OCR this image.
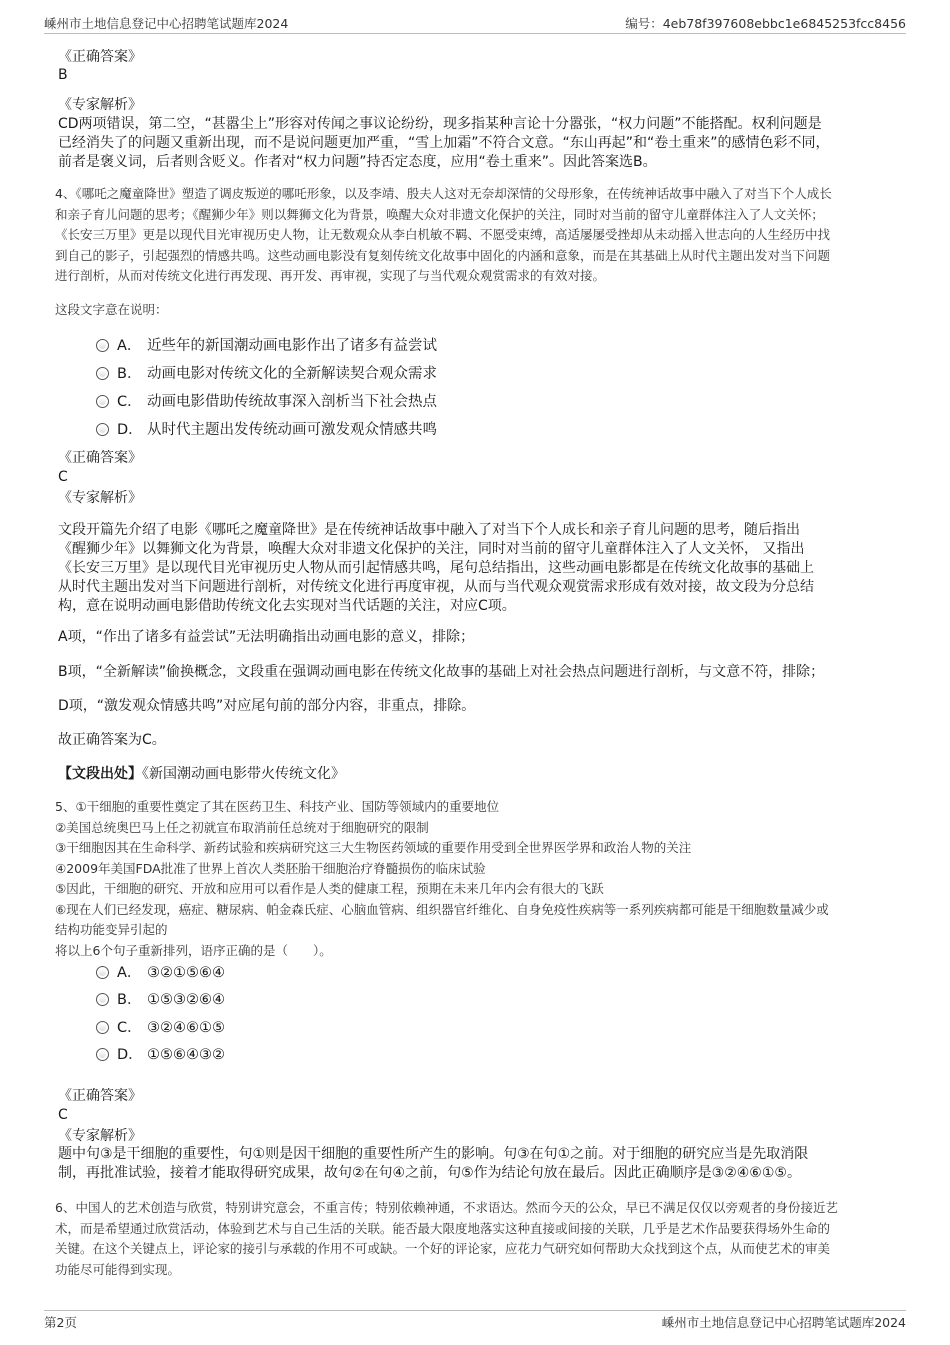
嵊州市土地信息登记中心招聘笔试题库2024	编号：4eb78f397608ebbc1e6845253fcc8456
《正确答案》
B
《专家解析》
CD两项错误，第二空，“甚嚣尘上”形容对传闻之事议论纷纷，现多指某种言论十分嚣张，“权力问题”不能搭配。权利问题是
已经消失了的问题又重新出现，而不是说问题更加严重，“雪上加霜”不符合文意。“东山再起”和“卷土重来”的感情色彩不同，
前者是褒义词，后者则含贬义。作者对“权力问题”持否定态度，应用“卷土重来”。因此答案选B。
4、《哪吒之魔童降世》塑造了调皮叛逆的哪吒形象，以及李靖、殷夫人这对无奈却深情的父母形象，在传统神话故事中融入了对当下个人成长
和亲子育儿问题的思考；《醒狮少年》则以舞狮文化为背景，唤醒大众对非遗文化保护的关注，同时对当前的留守儿童群体注入了人文关怀；
《长安三万里》更是以现代目光审视历史人物，让无数观众从李白机敏不羁、不愿受束缚，高适屡屡受挫却从未动摇入世志向的人生经历中找
到自己的影子，引起强烈的情感共鸣。这些动画电影没有复刻传统文化故事中固化的内涵和意象，而是在其基础上从时代主题出发对当下问题
进行剖析，从而对传统文化进行再发现、再开发、再审视，实现了与当代观众观赏需求的有效对接。
这段文字意在说明：
A． 近些年的新国潮动画电影作出了诸多有益尝试
B． 动画电影对传统文化的全新解读契合观众需求
C． 动画电影借助传统故事深入剖析当下社会热点
D． 从时代主题出发传统动画可激发观众情感共鸣
《正确答案》
C
《专家解析》
文段开篇先介绍了电影《哪吒之魔童降世》是在传统神话故事中融入了对当下个人成长和亲子育儿问题的思考，随后指出
《醒狮少年》以舞狮文化为背景，唤醒大众对非遗文化保护的关注，同时对当前的留守儿童群体注入了人文关怀， 又指出
《长安三万里》是以现代目光审视历史人物从而引起情感共鸣，尾句总结指出，这些动画电影都是在传统文化故事的基础上
从时代主题出发对当下问题进行剖析，对传统文化进行再度审视，从而与当代观众观赏需求形成有效对接，故文段为分总结
构，意在说明动画电影借助传统文化去实现对当代话题的关注，对应C项。
A项，“作出了诸多有益尝试”无法明确指出动画电影的意义，排除；
B项，“全新解读”偷换概念，文段重在强调动画电影在传统文化故事的基础上对社会热点问题进行剖析，与文意不符，排除；
D项，“激发观众情感共鸣”对应尾句前的部分内容，非重点，排除。
故正确答案为C。
【文段出处】《新国潮动画电影带火传统文化》
5、①干细胞的重要性奠定了其在医药卫生、科技产业、国防等领域内的重要地位
②美国总统奥巴马上任之初就宣布取消前任总统对于细胞研究的限制
③干细胞因其在生命科学、新药试验和疾病研究这三大生物医药领域的重要作用受到全世界医学界和政治人物的关注
④2009年美国FDA批准了世界上首次人类胚胎干细胞治疗脊髓损伤的临床试验
⑤因此，干细胞的研究、开放和应用可以看作是人类的健康工程，预期在未来几年内会有很大的飞跃
⑥现在人们已经发现，癌症、糖尿病、帕金森氏症、心脑血管病、组织器官纤维化、自身免疫性疾病等一系列疾病都可能是干细胞数量减少或
结构功能变异引起的
将以上6个句子重新排列，语序正确的是（　　）。
A． ③②①⑤⑥④
B． ①⑤③②⑥④
C． ③②④⑥①⑤
D． ①⑤⑥④③②
《正确答案》
C
《专家解析》
题中句③是干细胞的重要性，句①则是因干细胞的重要性所产生的影响。句③在句①之前。对于细胞的研究应当是先取消限
制，再批准试验，接着才能取得研究成果，故句②在句④之前，句⑤作为结论句放在最后。因此正确顺序是③②④⑥①⑤。
6、中国人的艺术创造与欣赏，特别讲究意会，不重言传；特别依赖神通，不求语达。然而今天的公众，早已不满足仅仅以旁观者的身份接近艺
术，而是希望通过欣赏活动，体验到艺术与自己生活的关联。能否最大限度地落实这种直接或间接的关联，几乎是艺术作品要获得场外生命的
关键。在这个关键点上，评论家的接引与承载的作用不可或缺。一个好的评论家，应花力气研究如何帮助大众找到这个点，从而使艺术的审美
功能尽可能得到实现。
第2页	嵊州市土地信息登记中心招聘笔试题库2024
